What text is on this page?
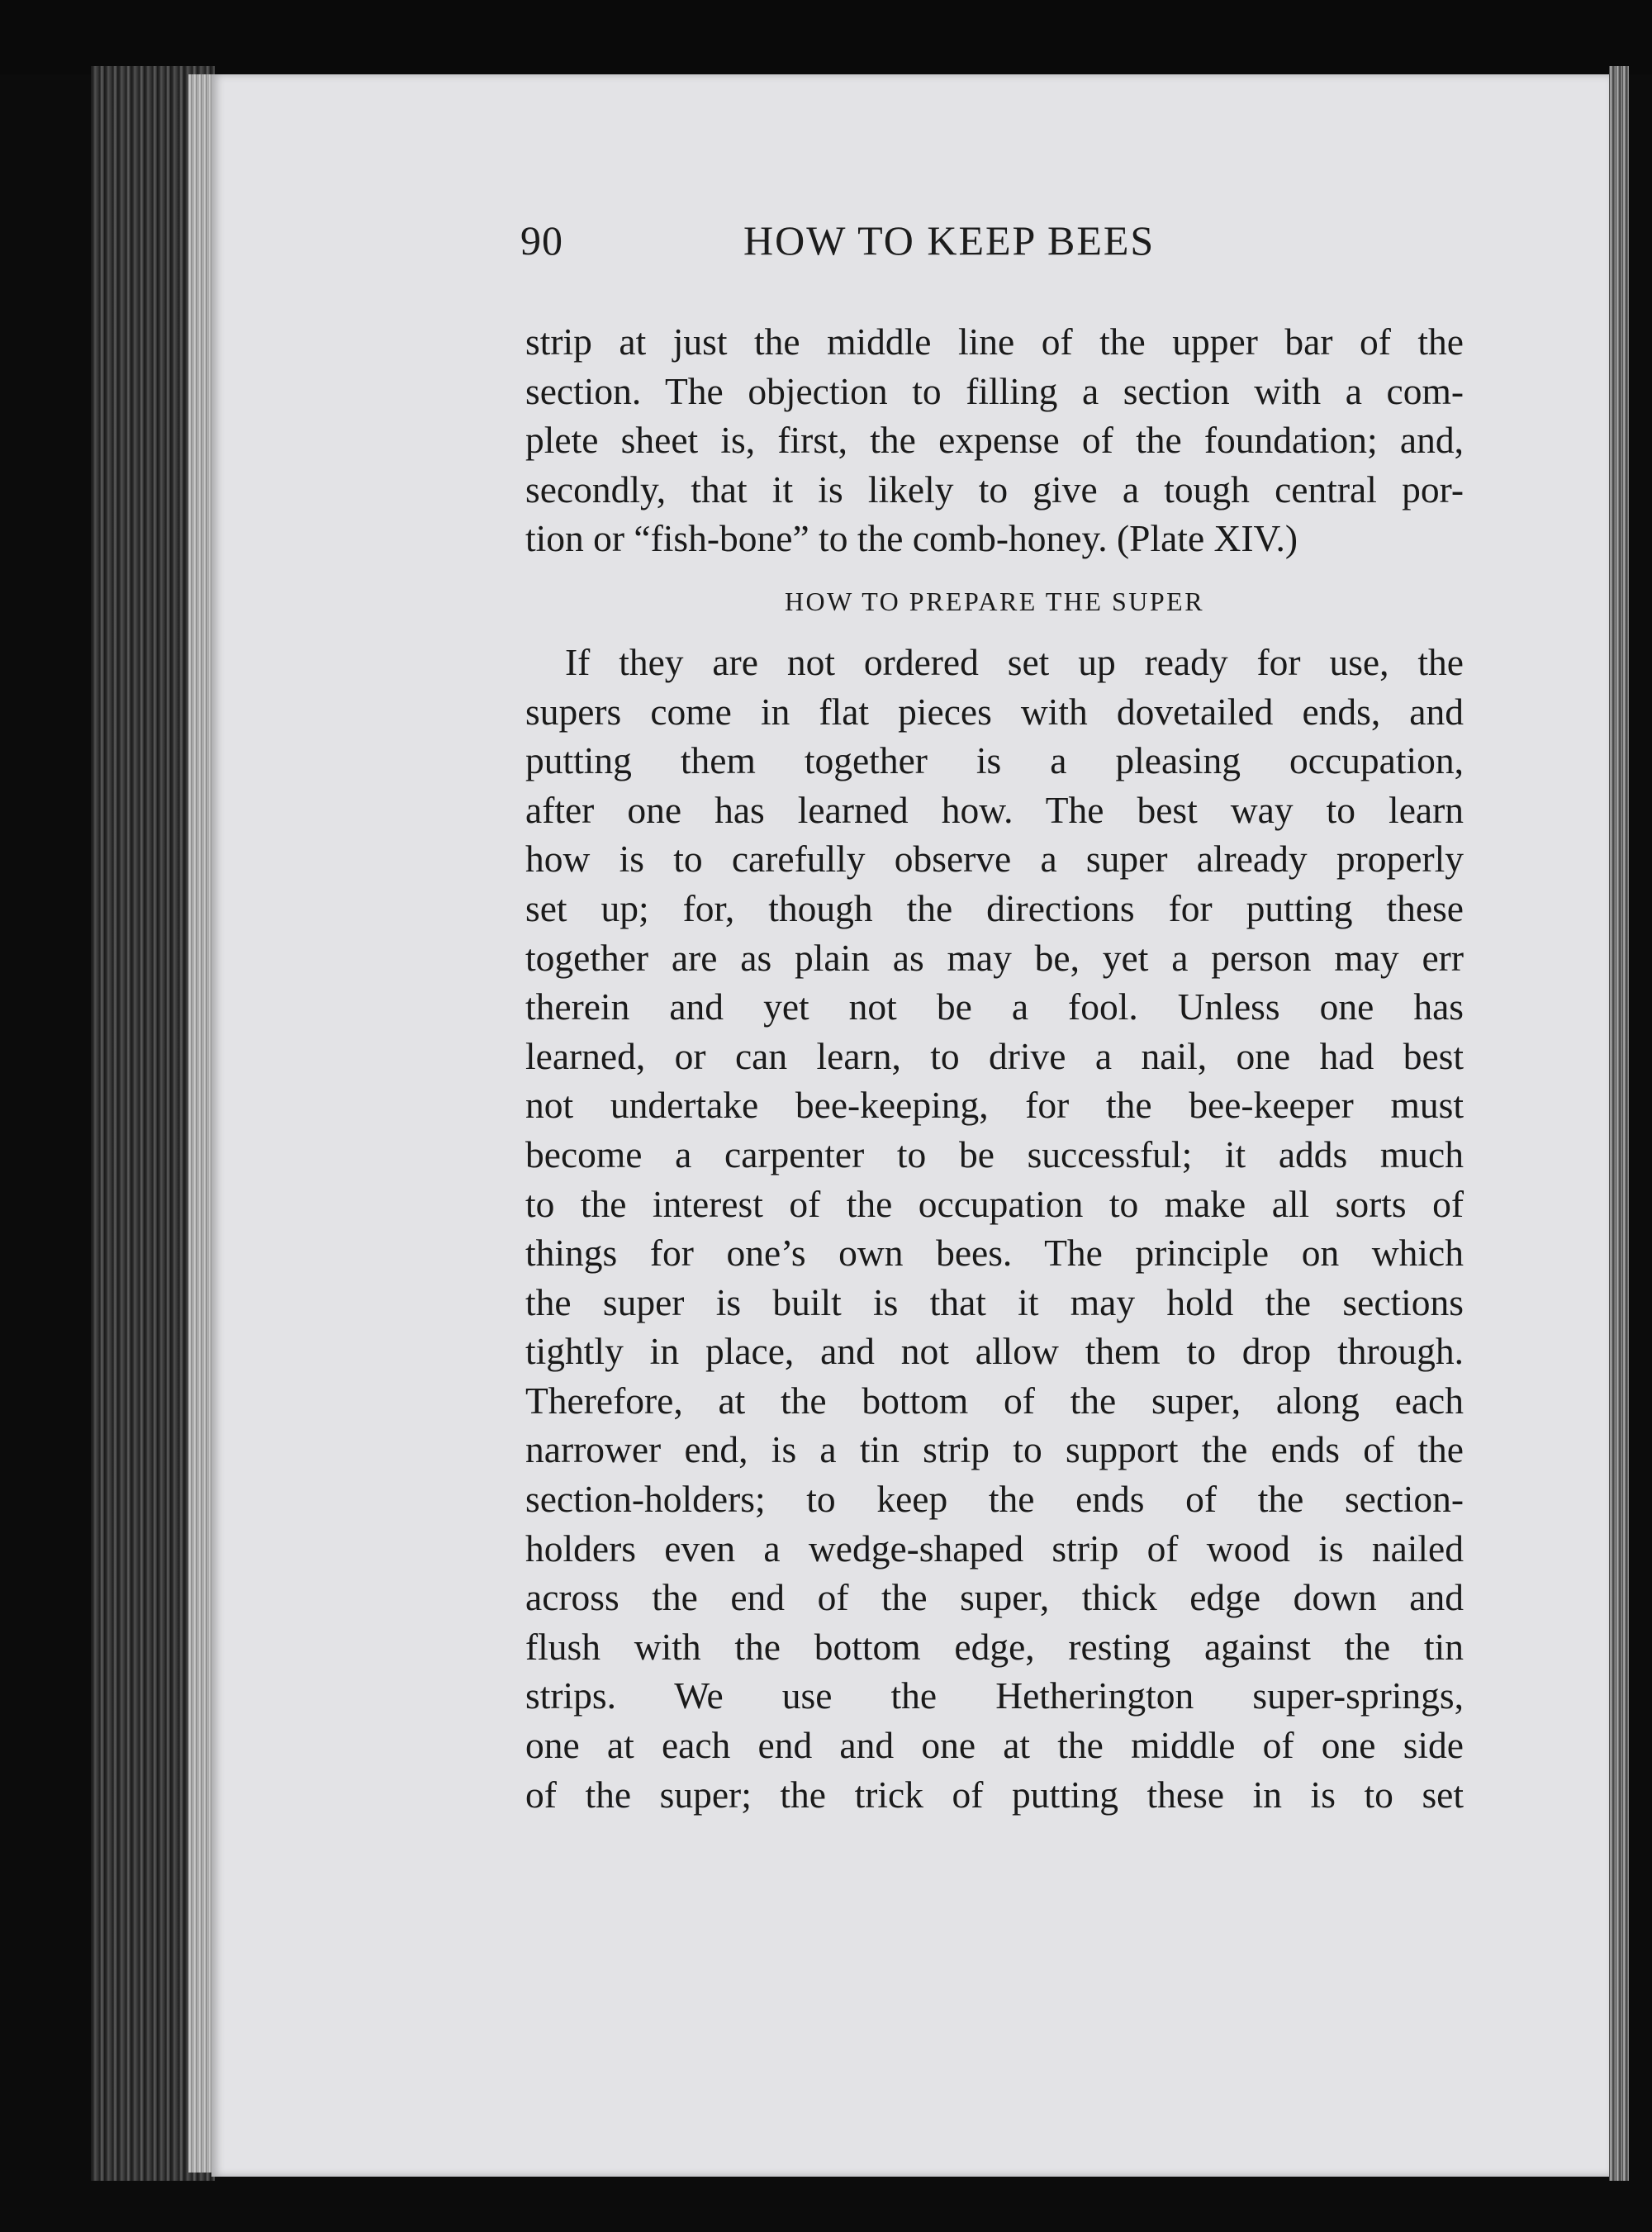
90	HOW TO KEEP BEES
strip at just the middle line of the upper bar of the
section. The objection to filling a section with a com-
plete sheet is, first, the expense of the foundation; and,
secondly, that it is likely to give a tough central por-
tion or “fish-bone” to the comb-honey. (Plate XIV.)
HOW TO PREPARE THE SUPER
If they are not ordered set up ready for use, the
supers come in flat pieces with dovetailed ends, and
putting them together is a pleasing occupation,
after one has learned how. The best way to learn
how is to carefully observe a super already properly
set up; for, though the directions for putting these
together are as plain as may be, yet a person may err
therein and yet not be a fool. Unless one has
learned, or can learn, to drive a nail, one had best
not undertake bee-keeping, for the bee-keeper must
become a carpenter to be successful; it adds much
to the interest of the occupation to make all sorts of
things for one’s own bees. The principle on which
the super is built is that it may hold the sections
tightly in place, and not allow them to drop through.
Therefore, at the bottom of the super, along each
narrower end, is a tin strip to support the ends of the
section-holders; to keep the ends of the section-
holders even a wedge-shaped strip of wood is nailed
across the end of the super, thick edge down and
flush with the bottom edge, resting against the tin
strips. We use the Hetherington super-springs,
one at each end and one at the middle of one side
of the super; the trick of putting these in is to set
